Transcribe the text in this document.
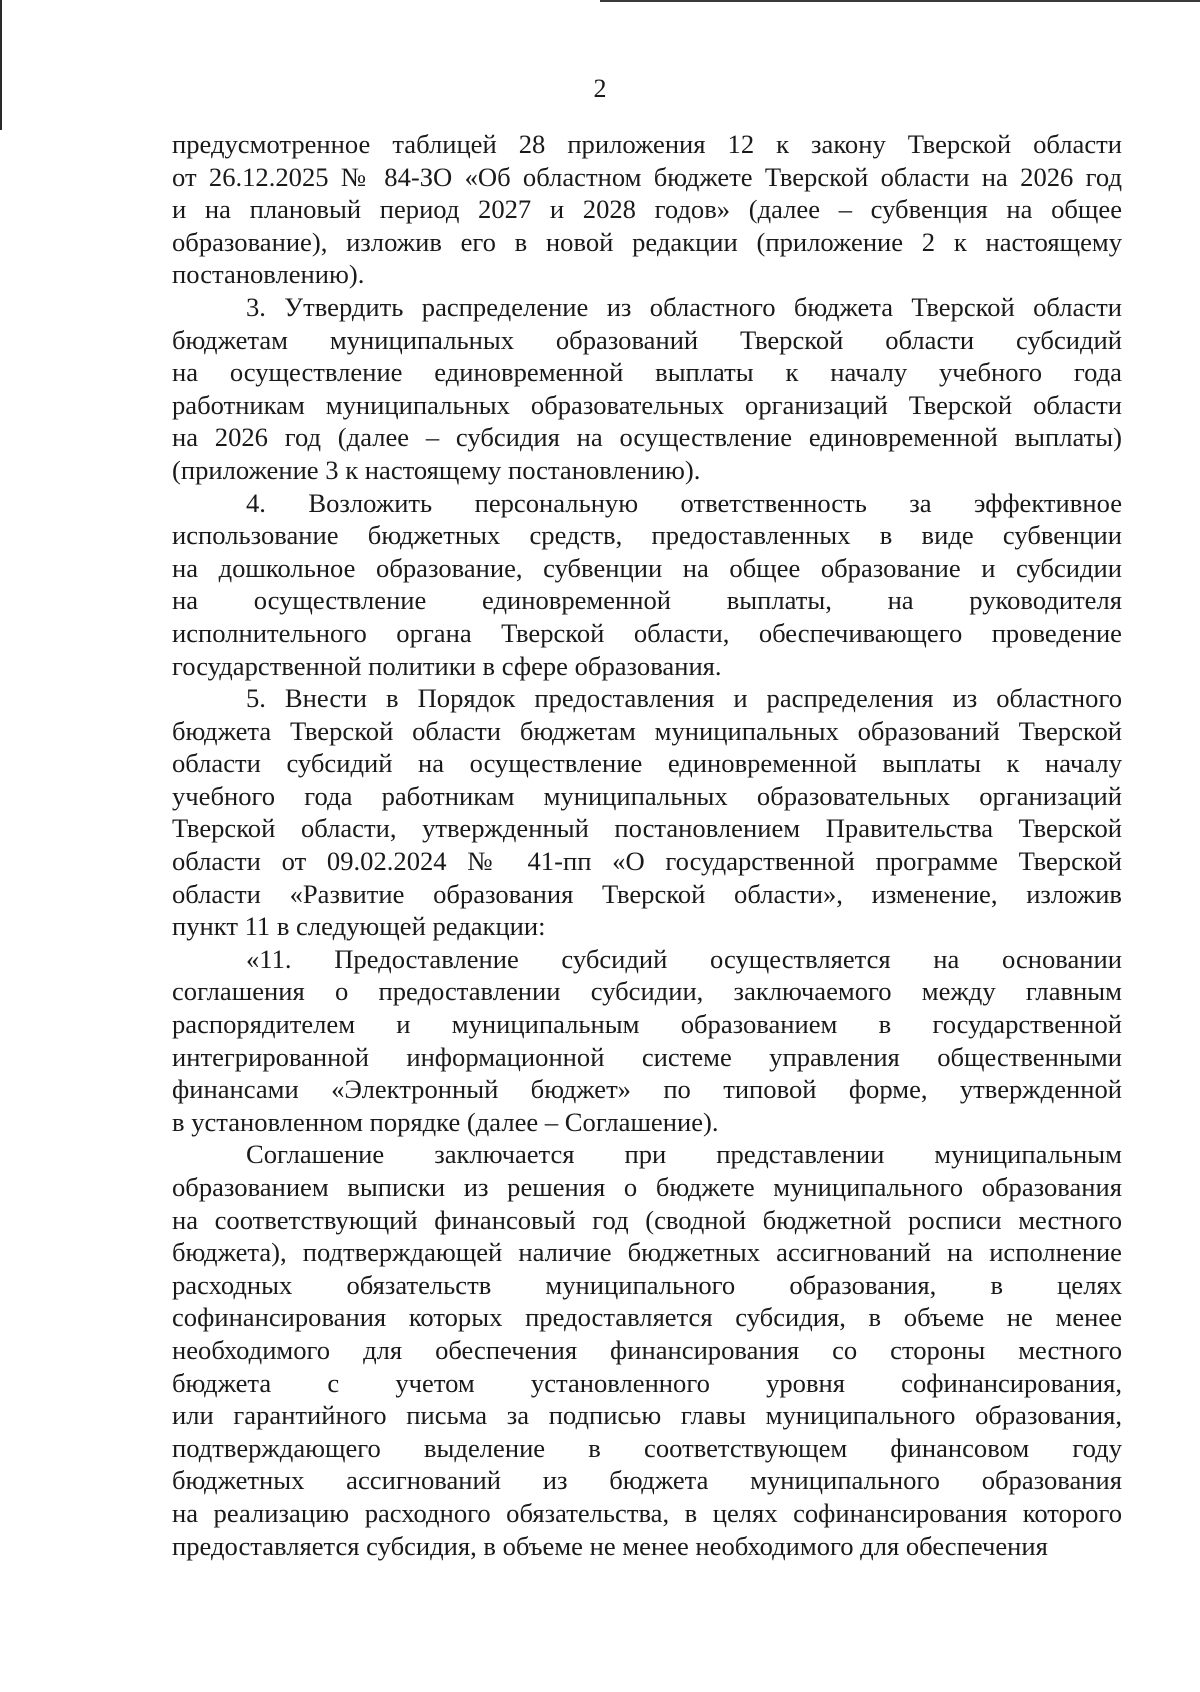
2

предусмотренное таблицей 28 приложения 12 к закону Тверской области
от 26.12.2025 № 84-ЗО «Об областном бюджете Тверской области на 2026 год
и на плановый период 2027 и 2028 годов» (далее – субвенция на общее
образование), изложив его в новой редакции (приложение 2 к настоящему
постановлению).

3. Утвердить распределение из областного бюджета Тверской области
бюджетам муниципальных образований Тверской области субсидий
на осуществление единовременной выплаты к началу учебного года
работникам муниципальных образовательных организаций Тверской области
на 2026 год (далее – субсидия на осуществление единовременной выплаты)
(приложение 3 к настоящему постановлению).

4. Возложить персональную ответственность за эффективное
использование бюджетных средств, предоставленных в виде субвенции
на дошкольное образование, субвенции на общее образование и субсидии
на осуществление единовременной выплаты, на руководителя
исполнительного органа Тверской области, обеспечивающего проведение
государственной политики в сфере образования.

5. Внести в Порядок предоставления и распределения из областного
бюджета Тверской области бюджетам муниципальных образований Тверской
области субсидий на осуществление единовременной выплаты к началу
учебного года работникам муниципальных образовательных организаций
Тверской области, утвержденный постановлением Правительства Тверской
области от 09.02.2024 № 41-пп «О государственной программе Тверской
области «Развитие образования Тверской области», изменение, изложив
пункт 11 в следующей редакции:

«11. Предоставление субсидий осуществляется на основании
соглашения о предоставлении субсидии, заключаемого между главным
распорядителем и муниципальным образованием в государственной
интегрированной информационной системе управления общественными
финансами «Электронный бюджет» по типовой форме, утвержденной
в установленном порядке (далее – Соглашение).

Соглашение заключается при представлении муниципальным
образованием выписки из решения о бюджете муниципального образования
на соответствующий финансовый год (сводной бюджетной росписи местного
бюджета), подтверждающей наличие бюджетных ассигнований на исполнение
расходных обязательств муниципального образования, в целях
софинансирования которых предоставляется субсидия, в объеме не менее
необходимого для обеспечения финансирования со стороны местного
бюджета с учетом установленного уровня софинансирования,
или гарантийного письма за подписью главы муниципального образования,
подтверждающего выделение в соответствующем финансовом году
бюджетных ассигнований из бюджета муниципального образования
на реализацию расходного обязательства, в целях софинансирования которого
предоставляется субсидия, в объеме не менее необходимого для обеспечения
